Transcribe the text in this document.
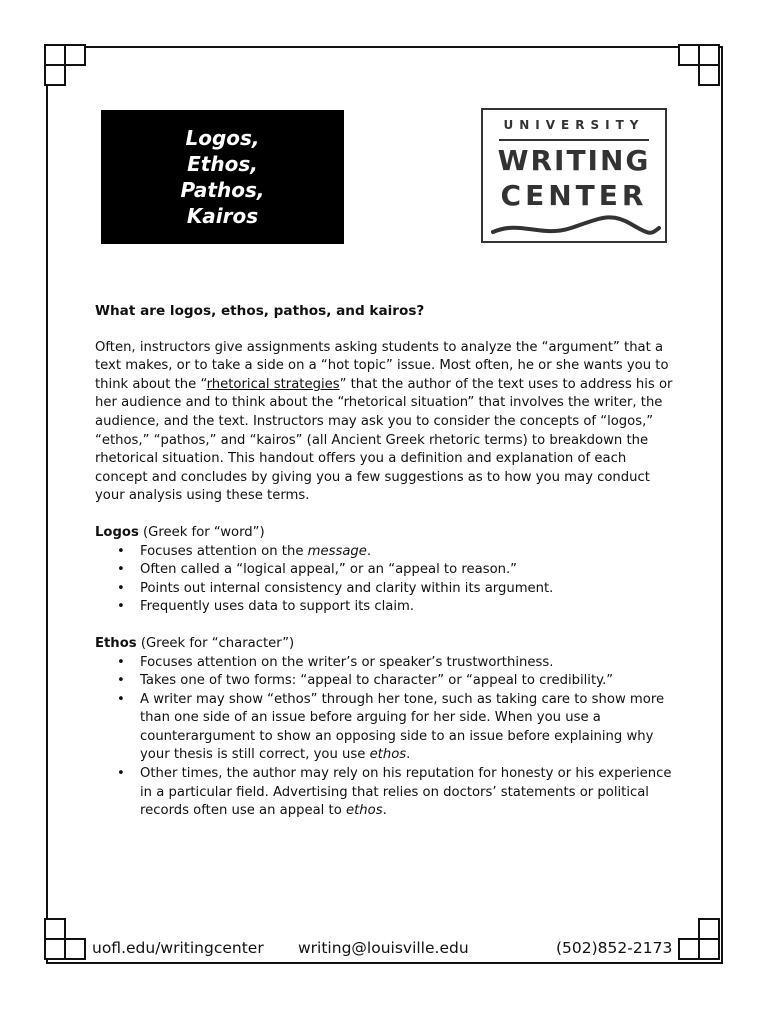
Logos,
Ethos,
Pathos,
Kairos
UNIVERSITY
WRITING
CENTER
What are logos, ethos, pathos, and kairos?
Often, instructors give assignments asking students to analyze the “argument” that a text makes, or to take a side on a “hot topic” issue. Most often, he or she wants you to think about the “rhetorical strategies” that the author of the text uses to address his or her audience and to think about the “rhetorical situation” that involves the writer, the audience, and the text. Instructors may ask you to consider the concepts of “logos,” “ethos,” “pathos,” and “kairos” (all Ancient Greek rhetoric terms) to breakdown the rhetorical situation. This handout offers you a definition and explanation of each concept and concludes by giving you a few suggestions as to how you may conduct your analysis using these terms.
Logos (Greek for “word”)
• Focuses attention on the message.
• Often called a “logical appeal,” or an “appeal to reason.”
• Points out internal consistency and clarity within its argument.
• Frequently uses data to support its claim.
Ethos (Greek for “character”)
• Focuses attention on the writer’s or speaker’s trustworthiness.
• Takes one of two forms: “appeal to character” or “appeal to credibility.”
• A writer may show “ethos” through her tone, such as taking care to show more than one side of an issue before arguing for her side. When you use a counterargument to show an opposing side to an issue before explaining why your thesis is still correct, you use ethos.
• Other times, the author may rely on his reputation for honesty or his experience in a particular field. Advertising that relies on doctors’ statements or political records often use an appeal to ethos.
uofl.edu/writingcenter writing@louisville.edu	(502)852-2173
